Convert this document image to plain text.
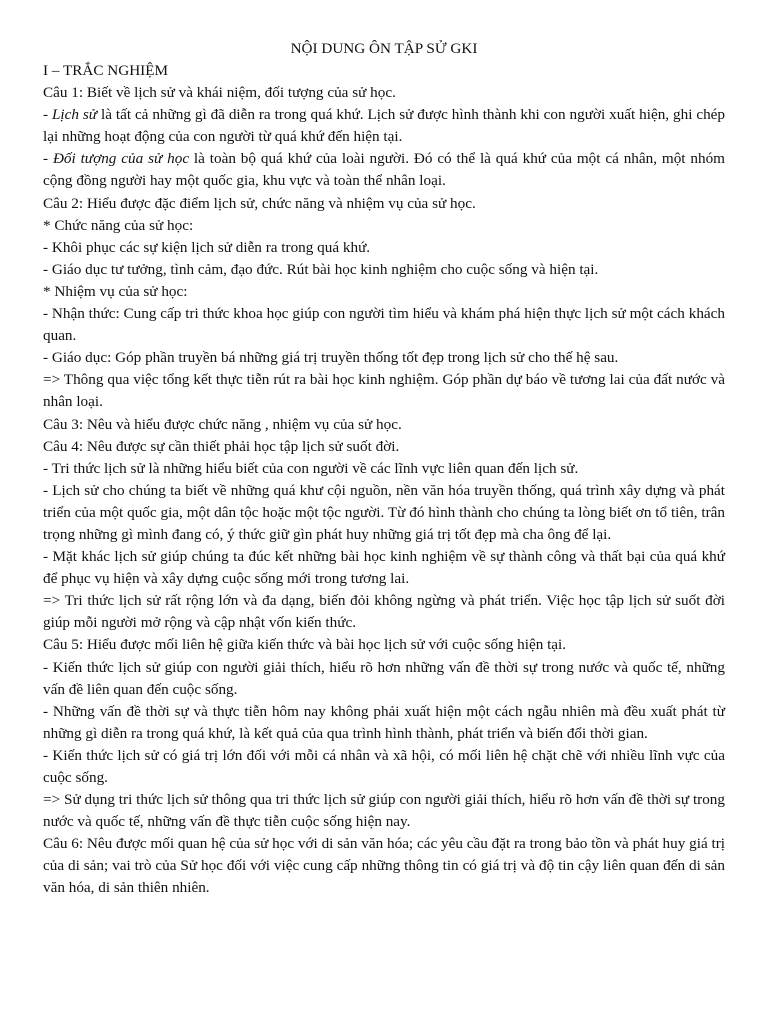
NỘI DUNG ÔN TẬP SỬ GKI

I – TRẮC NGHIỆM

Câu 1: Biết về lịch sử và khái niệm, đối tượng của sử học.

- Lịch sử là tất cả những gì đã diễn ra trong quá khứ. Lịch sử được hình thành khi con người xuất hiện, ghi chép lại những hoạt động của con người từ quá khứ đến hiện tại.

- Đối tượng của sử học là toàn bộ quá khứ của loài người. Đó có thể là quá khứ của một cá nhân, một nhóm cộng đồng người hay một quốc gia, khu vực và toàn thể nhân loại.

Câu 2: Hiểu được đặc điểm lịch sử, chức năng và nhiệm vụ của sử học.

* Chức năng của sử học:

- Khôi phục các sự kiện lịch sử diễn ra trong quá khứ.

- Giáo dục tư tưởng, tình cảm, đạo đức. Rút bài học kinh nghiệm cho cuộc sống và hiện tại.

* Nhiệm vụ của sử học:

- Nhận thức: Cung cấp tri thức khoa học giúp con người tìm hiểu và khám phá hiện thực lịch sử một cách khách quan.

- Giáo dục: Góp phần truyền bá những giá trị truyền thống tốt đẹp trong lịch sử cho thế hệ sau.

=> Thông qua việc tổng kết thực tiễn rút ra bài học kinh nghiệm. Góp phần dự báo về tương lai của đất nước và nhân loại.

Câu 3: Nêu và hiểu được chức năng , nhiệm vụ của sử học.

Câu 4: Nêu được sự cần thiết phải học tập lịch sử suốt đời.

- Tri thức lịch sử là những hiểu biết của con người về các lĩnh vực liên quan đến lịch sử.

- Lịch sử cho chúng ta biết về những quá khư cội nguồn, nền văn hóa truyền thống, quá trình xây dựng và phát triển của một quốc gia, một dân tộc hoặc một tộc người. Từ đó hình thành cho chúng ta lòng biết ơn tổ tiên, trân trọng những gì mình đang có, ý thức giữ gìn phát huy những giá trị tốt đẹp mà cha ông để lại.

- Mặt khác lịch sử giúp chúng ta đúc kết những bài học kinh nghiệm về sự thành công và thất bại của quá khứ để phục vụ hiện và xây dựng cuộc sống mới trong tương lai.

=> Tri thức lịch sử rất rộng lớn và đa dạng, biến đỏi không ngừng và phát triển. Việc học tập lịch sử suốt đời giúp mỗi người mở rộng và cập nhật vốn kiến thức.

Câu 5: Hiểu được mối liên hệ giữa kiến thức và bài học lịch sử với cuộc sống hiện tại.

- Kiến thức lịch sử giúp con người giải thích, hiểu rõ hơn những vấn đề thời sự trong nước và quốc tế, những vấn đề liên quan đến cuộc sống.

- Những vấn đề thời sự và thực tiễn hôm nay không phải xuất hiện một cách ngẫu nhiên mà đều xuất phát từ những gì diễn ra trong quá khứ, là kết quả của qua trình hình thành, phát triển và biến đổi thời gian.

- Kiến thức lịch sử có giá trị lớn đối với mỗi cá nhân và xã hội, có mối liên hệ chặt chẽ với nhiều lĩnh vực của cuộc sống.

=> Sử dụng tri thức lịch sử thông qua tri thức lịch sử giúp con người giải thích, hiểu rõ hơn vấn đề thời sự trong nước và quốc tế, những vấn đề thực tiễn cuộc sống hiện nay.

Câu 6: Nêu được mối quan hệ của sử học với di sản văn hóa; các yêu cầu đặt ra trong bảo tồn và phát huy giá trị của di sản; vai trò của Sử học đối với việc cung cấp những thông tin có giá trị và độ tin cậy liên quan đến di sản văn hóa, di sản thiên nhiên.
